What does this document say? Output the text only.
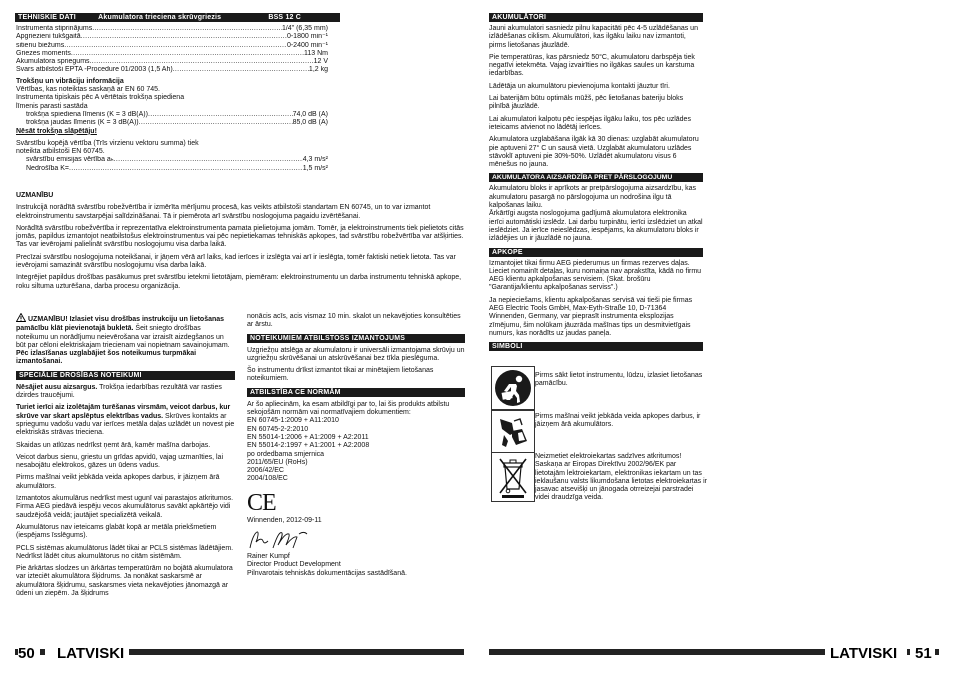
TEHNISKIE DATI	Akumulatora trieciena skrūvgriezis	BSS 12 C
Instrumenta stiprinājums .....	1/4" (6,35 mm)
Apgriezieni tukšgaitā .....	0-1800 min⁻¹
sitienu biežums .....	0-2400 min⁻¹
Griezes moments .....	113 Nm
Akumulatora spriegums .....	12 V
Svars atbilstoši EPTA -Procedure 01/2003 (1,5 Ah) .....	1,2 kg
Trokšņu un vibrāciju informācija
Vērtības, kas noteiktas saskaņā ar EN 60 745.
Instrumenta tipiskais pēc A vērtētais trokšņa spiediena
līmenis parasti sastāda
trokšņa spiediena līmenis (K = 3 dB(A)) .....	74,0 dB (A)
trokšņa jaudas līmenis (K = 3 dB(A)) .....	85,0 dB (A)
Nēsāt trokšņa slāpētāju!
Svārstību kopējā vērtība (Trīs virzienu vektoru summa) tiek
noteikta atbilstoši EN 60745.
svārstību emisijas vērtība aₕ .....	4,3 m/s²
Nedrošība K= .....	1,5 m/s²
UZMANĪBU

Instrukcijā norādītā svārstību robežvērtība ir izmērīta mērījumu procesā, kas veikts atbilstoši standartam EN 60745, un to var izmantot elektroinstrumentu savstarpējai salīdzināšanai. Tā ir piemērota arī svārstību noslogojuma pagaidu izvērtēšanai.

Norādītā svārstību robežvērtība ir reprezentatīva elektroinstrumenta pamata pielietojuma jomām. Tomēr, ja elektroinstruments tiek pielietots citās jomās, papildus izmantojot neatbilstošus elektroinstrumentus vai pēc nepietiekamas tehniskās apkopes, tad svārstību robežvērtība var atšķirties. Tas var ievērojami palielināt svārstību noslogojumu visa darba laikā.

Precīzai svārstību noslogojuma noteikšanai, ir jāņem vērā arī laiks, kad ierīces ir izslēgta vai arī ir ieslēgta, tomēr faktiski netiek lietota. Tas var ievērojami samazināt svārstību noslogojumu visa darba laikā.

Integrējiet papildus drošības pasākumus pret svārstību ietekmi lietotājam, piemēram: elektroinstrumentu un darba instrumentu tehniskā apkope, roku siltuma uzturēšana, darba procesu organizācija.

UZMANĪBU! Izlasiet visu drošības instrukciju un lietošanas pamācību klāt pievienotajā bukletā. Šeit sniegto drošības noteikumu un norādījumu neievērošana var izraisīt aizdegšanos un būt par cēloni elektriskajam triecienam vai nopietnam savainojumam.
Pēc izlasīšanas uzglabājiet šos noteikumus turpmākai izmantošanai.

SPECIĀLIE DROŠĪBAS NOTEIKUMI

Nēsājiet ausu aizsargus. Trokšņa iedarbības rezultātā var rasties dzirdes traucējumi.

Turiet ierīci aiz izolētajām turēšanas virsmām, veicot darbus, kur skrūve var skart apslēptus elektrības vadus. Skrūves kontakts ar spriegumu vadošu vadu var ierīces metāla daļas uzlādēt un novest pie elektriskās strāvas trieciena.

Skaidas un atlūzas nedrīkst ņemt ārā, kamēr mašīna darbojas.

Veicot darbus sienu, griestu un grīdas apvidū, vajag uzmanīties, lai nesabojātu elektrokos, gāzes un ūdens vadus.

Pirms mašīnai veikt jebkāda veida apkopes darbus, ir jāizņem ārā akumulātors.

Izmantotos akumulārus nedrīkst mest ugunī vai parastajos atkritumos. Firma AEG piedāvā iespēju vecos akumulātorus savākt apkārtējo vidi saudzējošā veidā; jautājiet specializētā veikalā.

Akumulātorus nav ieteicams glabāt kopā ar metāla priekšmetiem (iespējams īsslēgums).

PCLS sistēmas akumulātorus lādēt tikai ar PCLS sistēmas lādētājiem. Nedrīkst lādēt citus akumulātorus no citām sistēmām.

Pie ārkārtas slodzes un ārkārtas temperatūrām no bojātā akumulatora var izteciēt akumulātora šķidrums. Ja nonākat saskarsmē ar akumulātora šķidrumu, saskarsmes vieta nekavējoties jānomazgā ar ūdeni un ziepēm. Ja šķidrums

nonācis acīs, acis vismaz 10 min. skalot un nekavējoties konsultēties ar ārstu.

NOTEIKUMIEM ATBILSTOŠS IZMANTOJUMS

Uzgriežņu atslēga ar akumulatoru ir universāli izmantojama skrūvju un uzgriežņu skrūvēšanai un atskrūvēšanai bez tīkla pieslēguma.

Šo instrumentu drīkst izmantot tikai ar minētajiem lietošanas noteikumiem.

ATBILSTĪBA CE NORMĀM
Ar šo apliecinām, ka esam atbildīgi par to, lai šis produkts atbilstu sekojošām normām vai normatīvajiem dokumentiem:
EN 60745-1:2009 + A11:2010
EN 60745-2-2:2010
EN 55014-1:2006 + A1:2009 + A2:2011
EN 55014-2:1997 + A1:2001 + A2:2008
po ordedbama smjernica
2011/65/EU (RoHs)
2006/42/EC
2004/108/EC
CE
Winnenden, 2012-09-11
Rainer Kumpf
Director Product Development
Pilnvarotais tehniskās dokumentācijas sastādīšanā.
50	LATVISKI
AKUMULĀTORI

Jauni akumulatori sasniedz pilnu kapacitāti pēc 4-5 uzlādēšanas un izlādēšanas ciklism. Akumulātori, kas ilgāku laiku nav izmantoti, pirms lietošanas jāuzlādē.

Pie temperatūras, kas pārsniedz 50°C, akumulatoru darbspēja tiek negatīvi ietekmēta. Vajag izvairīties no ilgākas saules un karstuma iedarbības.

Lādētāja un akumulātoru pievienojuma kontakti jāuztur tīri.

Lai baterijām būtu optimāls mūžš, pēc lietošanas bateriju bloks pilnībā jāuzlādē.

Lai akumulatori kalpotu pēc iespējas ilgāku laiku, tos pēc uzlādes ieteicams atvienot no lādētāj ierīces.

Akumulatora uzglabāšana ilgāk kā 30 dienas: uzglabāt akumulatoru pie aptuveni 27° C un sausā vietā. Uzglabāt akumulatoru uzlādes stāvoklī aptuveni pie 30%-50%. Uzlādēt akumulatoru visus 6 mēnešus no jauna.

AKUMULATORA AIZSARDZĪBA PRET PĀRSLOGOJUMU
Akumulatoru bloks ir aprīkots ar pretpārslogojuma aizsardzību, kas akumulatoru pasargā no pārslogojuma un nodrošina ilgu tā kalpošanas laiku.

Ārkārtīgi augsta noslogojuma gadījumā akumulatora elektronika ierīci automātiski izslēdz. Lai darbu turpinātu, ierīci izslēdziet un atkal ieslēdziet. Ja ierīce neieslēdzas, iespējams, ka akumulatoru bloks ir izlādējies un ir jāuzlādē no jauna.

APKOPE

Izmantojiet tikai firmu AEG piederumus un firmas rezerves daļas. Lieciet nomainīt detaļas, kuru nomaiņa nav aprakstīta, kādā no firmu AEG klientu apkalpošanas servisiem. (Skat. brošūru "Garantija/klientu apkalpošanas serviss".)

Ja nepieciešams, klientu apkalpošanas servisā vai tieši pie firmas AEG Electric Tools GmbH, Max-Eyth-Straße 10, D-71364 Winnenden, Germany, var pieprasīt instrumenta eksplozijas zīmējumu, šim nolūkam jāuzrāda mašīnas tips un desmitvietīgais numurs, kas norādīts uz jaudas paneļa.

SIMBOLI
Pirms sākt lietot instrumentu, lūdzu, izlasiet lietošanas pamācību.
Pirms mašīnai veikt jebkāda veida apkopes darbus, ir jāizņem ārā akumulātors.
Neizmetiet elektroiekartas sadzīves atkritumos! Saskaņa ar Eiropas Direktīvu 2002/96/EK par lietotajām lektroiekartam, elektronikas iekartam un tas ieklaušanu valsts likumdošana lietotas elektroiekartas ir jasavac atsevišķi un jānogada otrreizejai parstradei videi draudzīga veida.
LATVISKI	51
